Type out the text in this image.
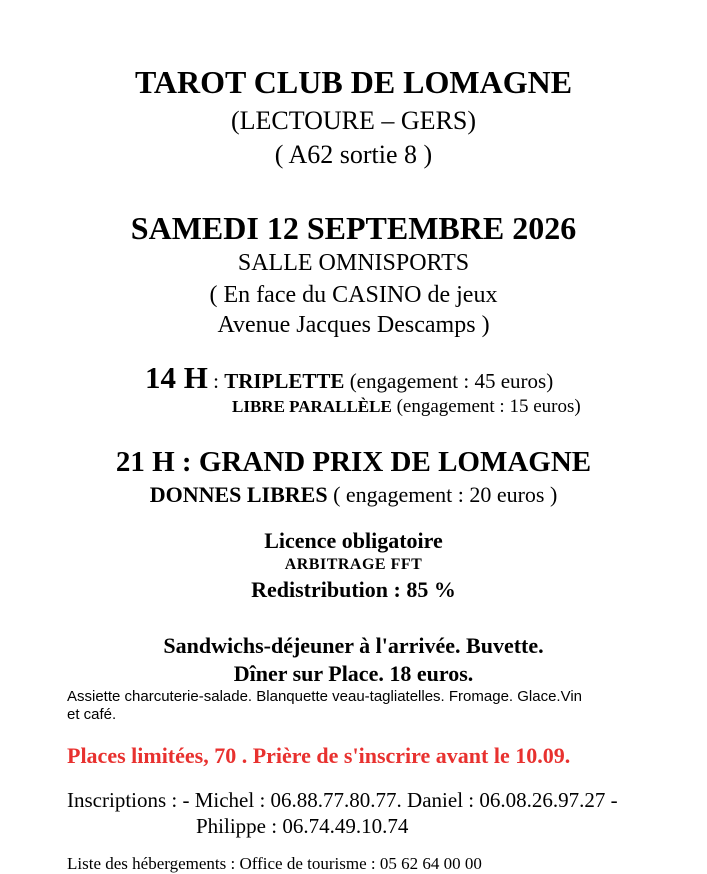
TAROT CLUB DE LOMAGNE
(LECTOURE – GERS)
( A62 sortie 8 )
SAMEDI 12 SEPTEMBRE 2026
SALLE OMNISPORTS
( En face du CASINO de jeux
Avenue Jacques Descamps )
14 H : TRIPLETTE (engagement : 45 euros)
LIBRE PARALLÈLE (engagement : 15 euros)
21 H : GRAND PRIX DE LOMAGNE
DONNES LIBRES ( engagement : 20 euros )
Licence obligatoire
ARBITRAGE FFT
Redistribution : 85 %
Sandwichs-déjeuner à l'arrivée. Buvette.
Dîner sur Place. 18 euros.
Assiette charcuterie-salade. Blanquette veau-tagliatelles. Fromage. Glace.Vin
et café.
Places limitées, 70 . Prière de s'inscrire avant le 10.09.
Inscriptions : - Michel : 06.88.77.80.77. Daniel : 06.08.26.97.27 -
Philippe : 06.74.49.10.74
Liste des hébergements : Office de tourisme : 05 62 64 00 00
